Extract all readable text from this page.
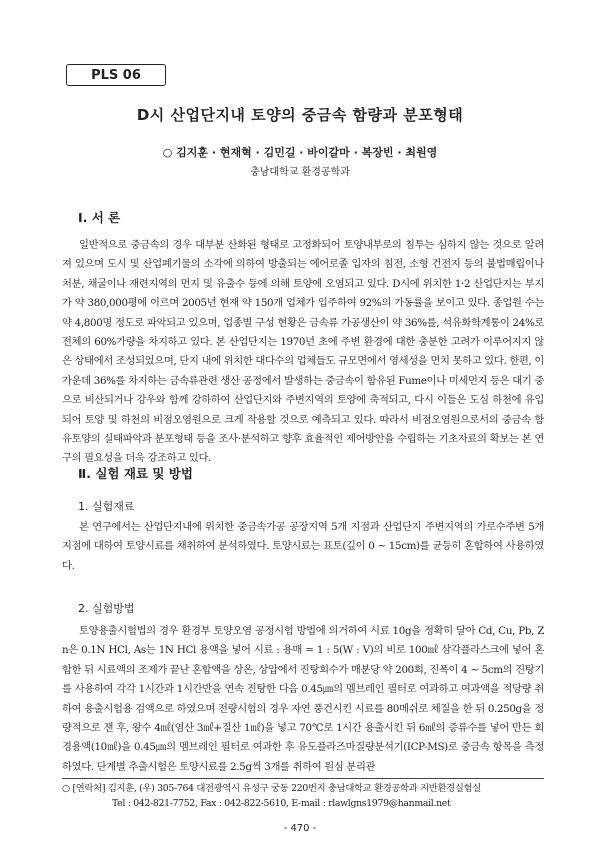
PLS 06
D시 산업단지내 토양의 중금속 함량과 분포형태
○ 김지훈 · 현재혁 · 김민길 · 바이갈마 · 복장빈 · 최원영
충남대학교 환경공학과
Ⅰ. 서 론
일반적으로 중금속의 경우 대부분 산화된 형태로 고정화되어 토양내부로의 침투는 심하지 않는 것으로 알려져 있으며 도시 및 산업폐기물의 소각에 의하여 방출되는 에어로졸 입자의 침전, 소형 건전지 등의 불법매립이나 처분, 채굴이나 재련지역의 먼지 및 유출수 등에 의해 토양에 오염되고 있다. D시에 위치한 1·2 산업단지는 부지가 약 380,000평에 이르며 2005년 현재 약 150개 업체가 입주하여 92%의 가동률을 보이고 있다. 종업원 수는 약 4,800명 정도로 파악되고 있으며, 업종별 구성 현황은 금속류 가공생산이 약 36%를, 석유화학계통이 24%로 전체의 60%가량을 차지하고 있다. 본 산업단지는 1970년 초에 주변 환경에 대한 충분한 고려가 이루어지지 않은 상태에서 조성되었으며, 단지 내에 위치한 대다수의 업체들도 규모면에서 영세성을 면치 못하고 있다. 한편, 이 가운데 36%를 차지하는 금속류관련 생산 공정에서 발생하는 중금속이 함유된 Fume이나 미세먼지 등은 대기 중으로 비산되거나 강우와 함께 강하하여 산업단지와 주변지역의 토양에 축적되고, 다시 이들은 도심 하천에 유입되어 토양 및 하천의 비점오염원으로 크게 작용할 것으로 예측되고 있다. 따라서 비점오염원으로서의 중금속 함유토양의 실태파악과 분포형태 등을 조사·분석하고 향후 효율적인 제어방안을 수립하는 기초자료의 확보는 본 연구의 필요성을 더욱 강조하고 있다.
Ⅱ. 실험 재료 및 방법
1. 실험재료
본 연구에서는 산업단지내에 위치한 중금속가공 공장지역 5개 지점과 산업단지 주변지역의 가로수주변 5개 지점에 대하여 토양시료를 채취하여 분석하였다. 토양시료는 표토(깊이 0 ~ 15cm)를 균등히 혼합하여 사용하였다.
2. 실험방법
토양용출시험법의 경우 환경부 토양오염 공정시험 방법에 의거하여 시료 10g을 정확히 달아 Cd, Cu, Pb, Zn은 0.1N HCl, As는 1N HCl 용액을 넣어 시료 : 용매 = 1 : 5(W : V)의 비로 100㎖ 삼각플라스크에 넣어 혼합한 뒤 시료액의 조제가 끝난 혼합액을 상온, 상압에서 진탕회수가 매분당 약 200회, 진폭이 4 ~ 5cm의 진탕기를 사용하여 각각 1시간과 1시간반을 연속 진탕한 다음 0.45㎛의 멤브레인 필터로 여과하고 여과액을 적당량 취하여 용출시험용 검액으로 하였으며 전량시험의 경우 자연 풍건시킨 시료를 80메쉬로 체질을 한 뒤 0.250g을 정량적으로 잰 후, 왕수 4㎖(염산 3㎖+질산 1㎖)을 넣고 70℃로 1시간 용출시킨 뒤 6㎖의 증류수를 넣어 만든 희경용액(10㎖)을 0.45㎛의 멤브레인 필터로 여과한 후 유도플라즈마질량분석기(ICP-MS)로 중금속 항목을 측정하였다. 단계별 추출시험은 토양시료를 2.5g씩 3개를 취하여 원심 분리관
○ [연락처] 김지훈, (우) 305-764 대전광역시 유성구 궁동 220번지 충남대학교 환경공학과 지반환경실험실
Tel : 042-821-7752, Fax : 042-822-5610, E-mail : rlawlgns1979@hanmail.net
- 470 -
